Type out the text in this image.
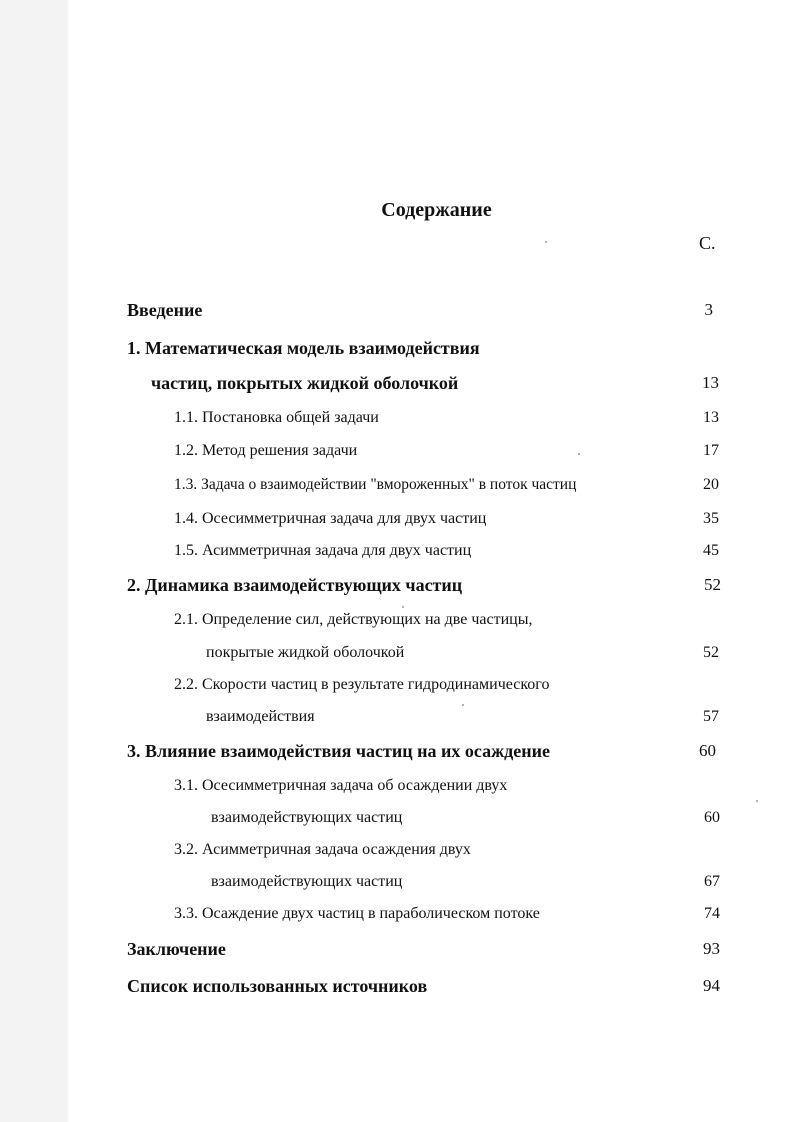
Содержание
С.
Введение	3
1. Математическая модель взаимодействия
частиц, покрытых жидкой оболочкой	13
1.1. Постановка общей задачи	13
1.2. Метод решения задачи	17
1.3. Задача о взаимодействии "вмороженных" в поток частиц	20
1.4. Осесимметричная задача для двух частиц	35
1.5. Асимметричная задача для двух частиц	45
2. Динамика взаимодействующих частиц	52
2.1. Определение сил, действующих на две частицы,
покрытые жидкой оболочкой	52
2.2. Скорости частиц в результате гидродинамического
взаимодействия	57
3. Влияние взаимодействия частиц на их осаждение	60
3.1. Осесимметричная задача об осаждении двух
взаимодействующих частиц	60
3.2. Асимметричная задача осаждения двух
взаимодействующих частиц	67
3.3. Осаждение двух частиц в параболическом потоке	74
Заключение	93
Список использованных источников	94
